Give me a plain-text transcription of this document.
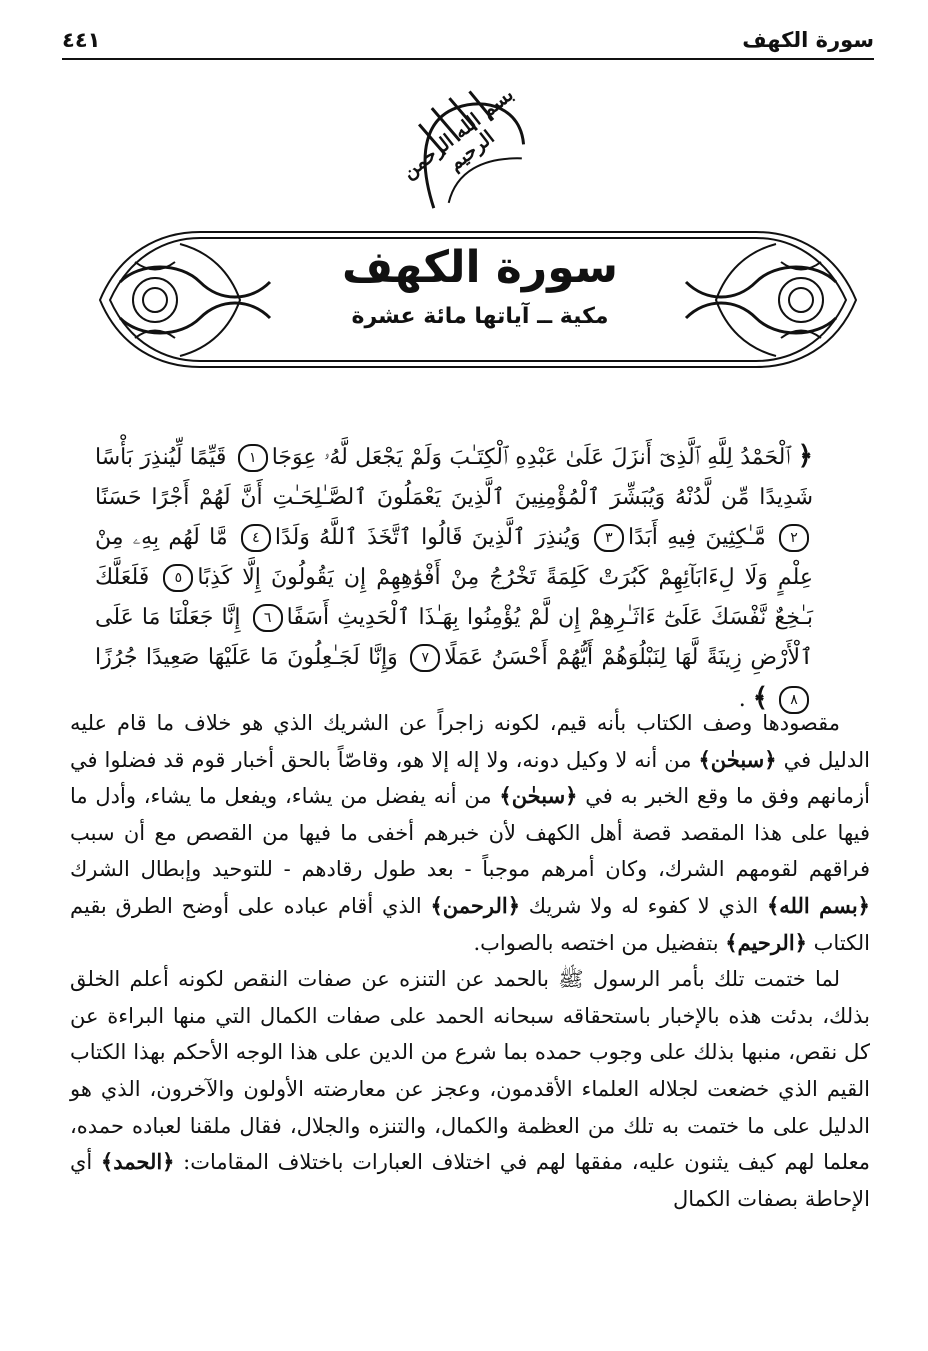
سورة الكهف
٤٤١
بسم الله الرحمن الرحيم
سورة الكهف
مكية ــ آياتها مائة عشرة
﴿ ٱلْحَمْدُ لِلَّهِ ٱلَّذِىٓ أَنزَلَ عَلَىٰ عَبْدِهِ ٱلْكِتَـٰبَ وَلَمْ يَجْعَل لَّهُۥ عِوَجَا١ قَيِّمًا لِّيُنذِرَ بَأْسًا شَدِيدًا مِّن لَّدُنْهُ وَيُبَشِّرَ ٱلْمُؤْمِنِينَ ٱلَّذِينَ يَعْمَلُونَ ٱلصَّـٰلِحَـٰتِ أَنَّ لَهُمْ أَجْرًا حَسَنًا٢ مَّـٰكِثِينَ فِيهِ أَبَدًا٣ وَيُنذِرَ ٱلَّذِينَ قَالُوا ٱتَّخَذَ ٱللَّهُ وَلَدًا٤ مَّا لَهُم بِهِۦ مِنْ عِلْمٍ وَلَا لِءَابَآئِهِمْ كَبُرَتْ كَلِمَةً تَخْرُجُ مِنْ أَفْوَٰهِهِمْ إِن يَقُولُونَ إِلَّا كَذِبًا٥ فَلَعَلَّكَ بَـٰخِعٌ نَّفْسَكَ عَلَىٰٓ ءَاثَـٰرِهِمْ إِن لَّمْ يُؤْمِنُوا بِهَـٰذَا ٱلْحَدِيثِ أَسَفًا٦ إِنَّا جَعَلْنَا مَا عَلَى ٱلْأَرْضِ زِينَةً لَّهَا لِنَبْلُوَهُمْ أَيُّهُمْ أَحْسَنُ عَمَلًا٧ وَإِنَّا لَجَـٰعِلُونَ مَا عَلَيْهَا صَعِيدًا جُرُزًا٨ ﴾ .

مقصودها وصف الكتاب بأنه قيم، لكونه زاجراً عن الشريك الذي هو خلاف ما قام عليه الدليل في ﴿سبحٰن﴾ من أنه لا وكيل دونه، ولا إله إلا هو، وقاصّاً بالحق أخبار قوم قد فضلوا في أزمانهم وفق ما وقع الخبر به في ﴿سبحٰن﴾ من أنه يفضل من يشاء، ويفعل ما يشاء، وأدل ما فيها على هذا المقصد قصة أهل الكهف لأن خبرهم أخفى ما فيها من القصص مع أن سبب فراقهم لقومهم الشرك، وكان أمرهم موجباً - بعد طول رقادهم - للتوحيد وإبطال الشرك ﴿بسم الله﴾ الذي لا كفوء له ولا شريك ﴿الرحمن﴾ الذي أقام عباده على أوضح الطرق بقيم الكتاب ﴿الرحيم﴾ بتفضيل من اختصه بالصواب.

لما ختمت تلك بأمر الرسول ﷺ بالحمد عن التنزه عن صفات النقص لكونه أعلم الخلق بذلك، بدئت هذه بالإخبار باستحقاقه سبحانه الحمد على صفات الكمال التي منها البراءة عن كل نقص، منبها بذلك على وجوب حمده بما شرع من الدين على هذا الوجه الأحكم بهذا الكتاب القيم الذي خضعت لجلاله العلماء الأقدمون، وعجز عن معارضته الأولون والآخرون، الذي هو الدليل على ما ختمت به تلك من العظمة والكمال، والتنزه والجلال، فقال ملقنا لعباده حمده، معلما لهم كيف يثنون عليه، مفقها لهم في اختلاف العبارات باختلاف المقامات: ﴿الحمد﴾ أي الإحاطة بصفات الكمال
